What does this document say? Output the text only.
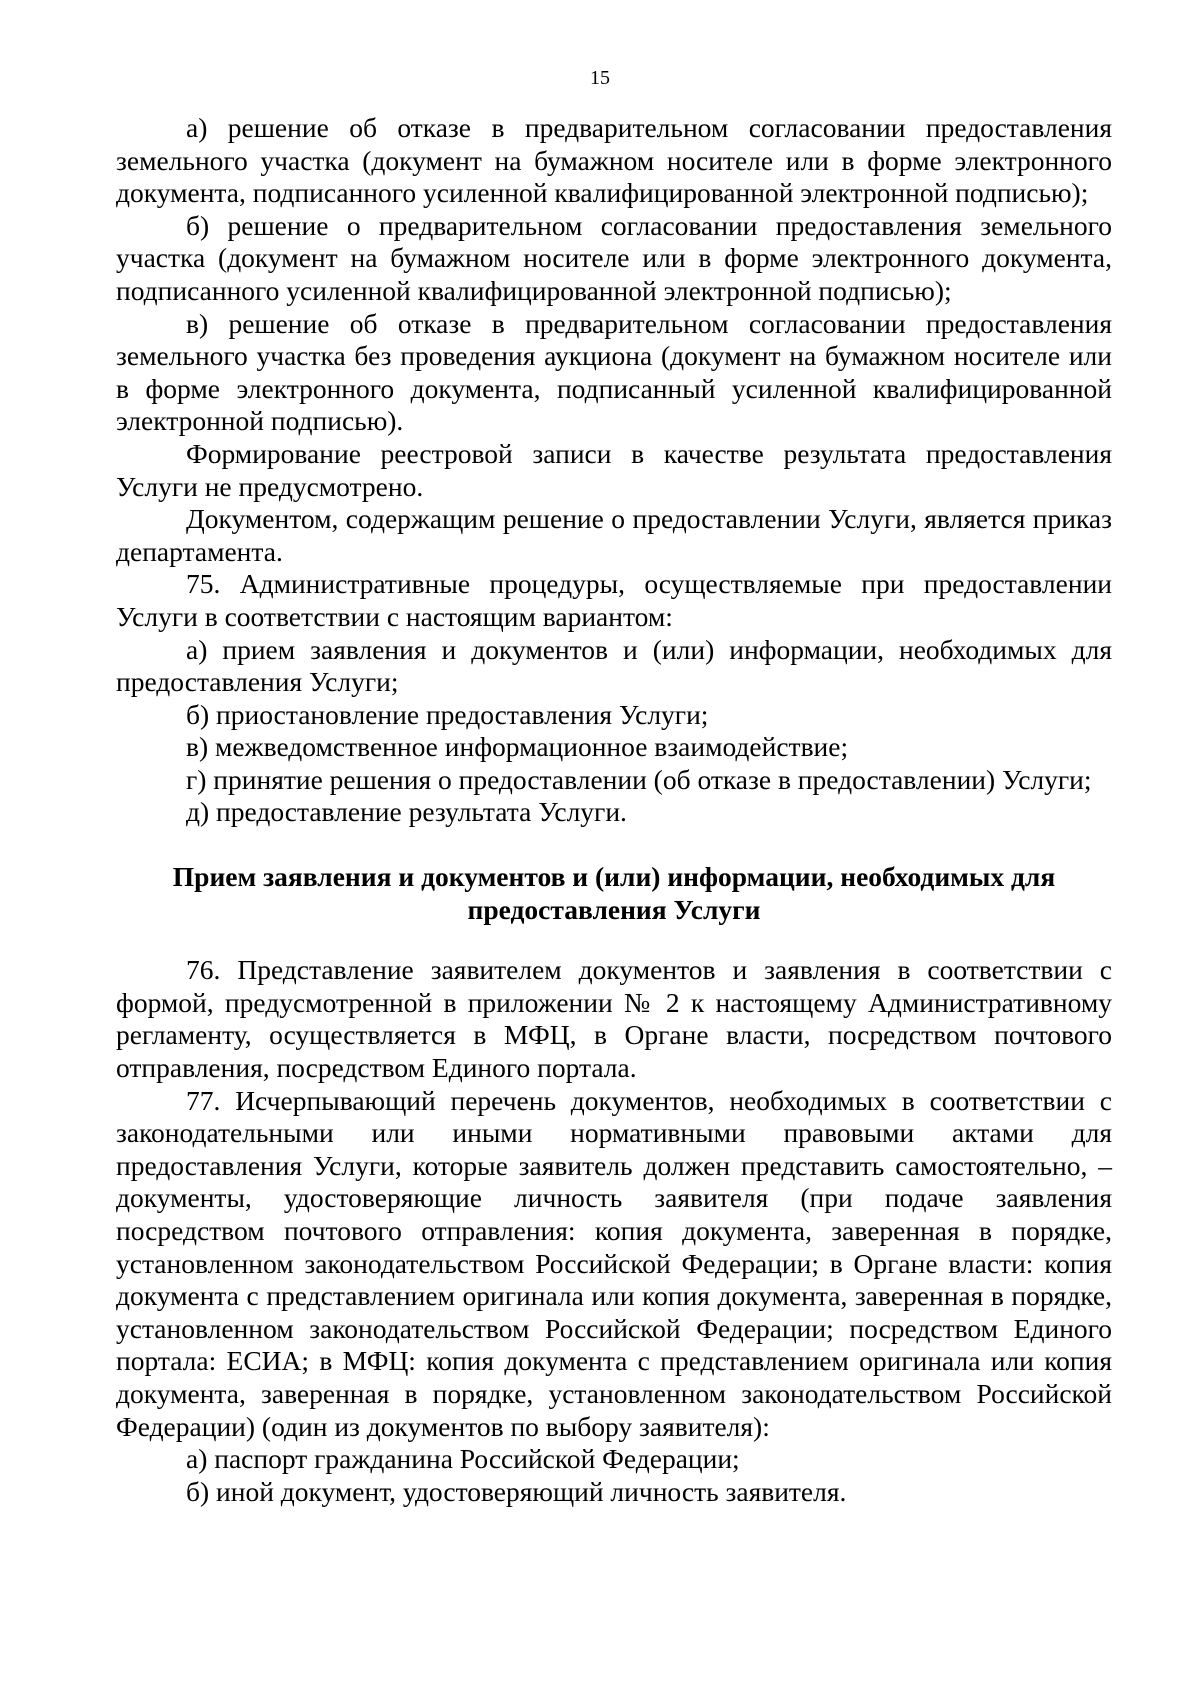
15

а) решение об отказе в предварительном согласовании предоставления земельного участка (документ на бумажном носителе или в форме электронного документа, подписанного усиленной квалифицированной электронной подписью);

б) решение о предварительном согласовании предоставления земельного участка (документ на бумажном носителе или в форме электронного документа, подписанного усиленной квалифицированной электронной подписью);

в) решение об отказе в предварительном согласовании предоставления земельного участка без проведения аукциона (документ на бумажном носителе или в форме электронного документа, подписанный усиленной квалифицированной электронной подписью).

Формирование реестровой записи в качестве результата предоставления Услуги не предусмотрено.

Документом, содержащим решение о предоставлении Услуги, является приказ департамента.

75. Административные процедуры, осуществляемые при предоставлении Услуги в соответствии с настоящим вариантом:

а) прием заявления и документов и (или) информации, необходимых для предоставления Услуги;

б) приостановление предоставления Услуги;

в) межведомственное информационное взаимодействие;

г) принятие решения о предоставлении (об отказе в предоставлении) Услуги;

д) предоставление результата Услуги.

Прием заявления и документов и (или) информации, необходимых для предоставления Услуги

76. Представление заявителем документов и заявления в соответствии с формой, предусмотренной в приложении № 2 к настоящему Административному регламенту, осуществляется в МФЦ, в Органе власти, посредством почтового отправления, посредством Единого портала.

77. Исчерпывающий перечень документов, необходимых в соответствии с законодательными или иными нормативными правовыми актами для предоставления Услуги, которые заявитель должен представить самостоятельно, – документы, удостоверяющие личность заявителя (при подаче заявления посредством почтового отправления: копия документа, заверенная в порядке, установленном законодательством Российской Федерации; в Органе власти: копия документа с представлением оригинала или копия документа, заверенная в порядке, установленном законодательством Российской Федерации; посредством Единого портала: ЕСИА; в МФЦ: копия документа с представлением оригинала или копия документа, заверенная в порядке, установленном законодательством Российской Федерации) (один из документов по выбору заявителя):

а) паспорт гражданина Российской Федерации;

б) иной документ, удостоверяющий личность заявителя.
